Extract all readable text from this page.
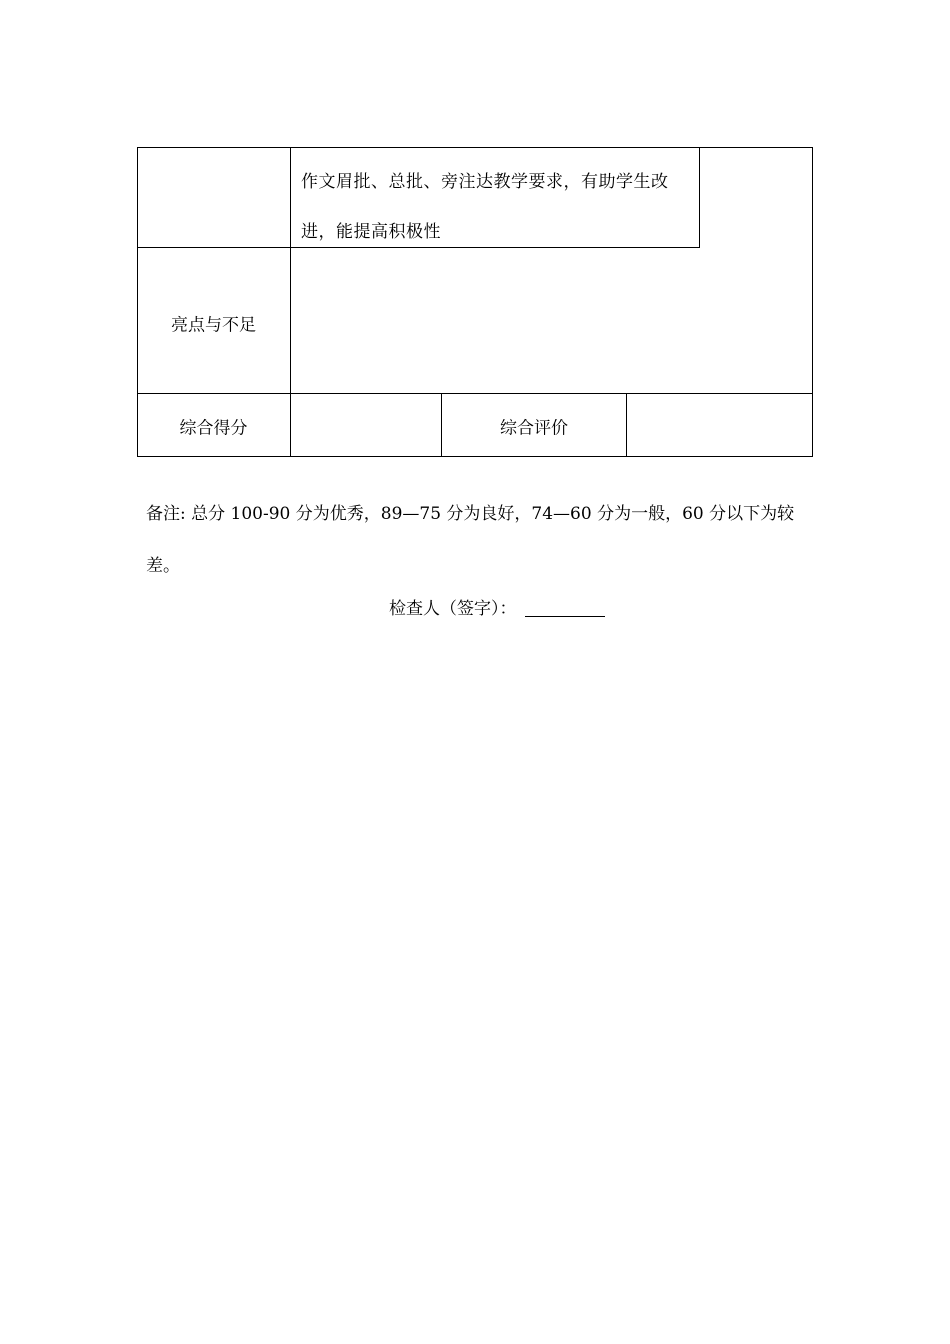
作文眉批、总批、旁注达教学要求，有助学生改进，能提高积极性
亮点与不足
综合得分	综合评价
备注: 总分 100-90 分为优秀，89—75 分为良好，74—60 分为一般，60 分以下为较差。
检查人（签字）：
